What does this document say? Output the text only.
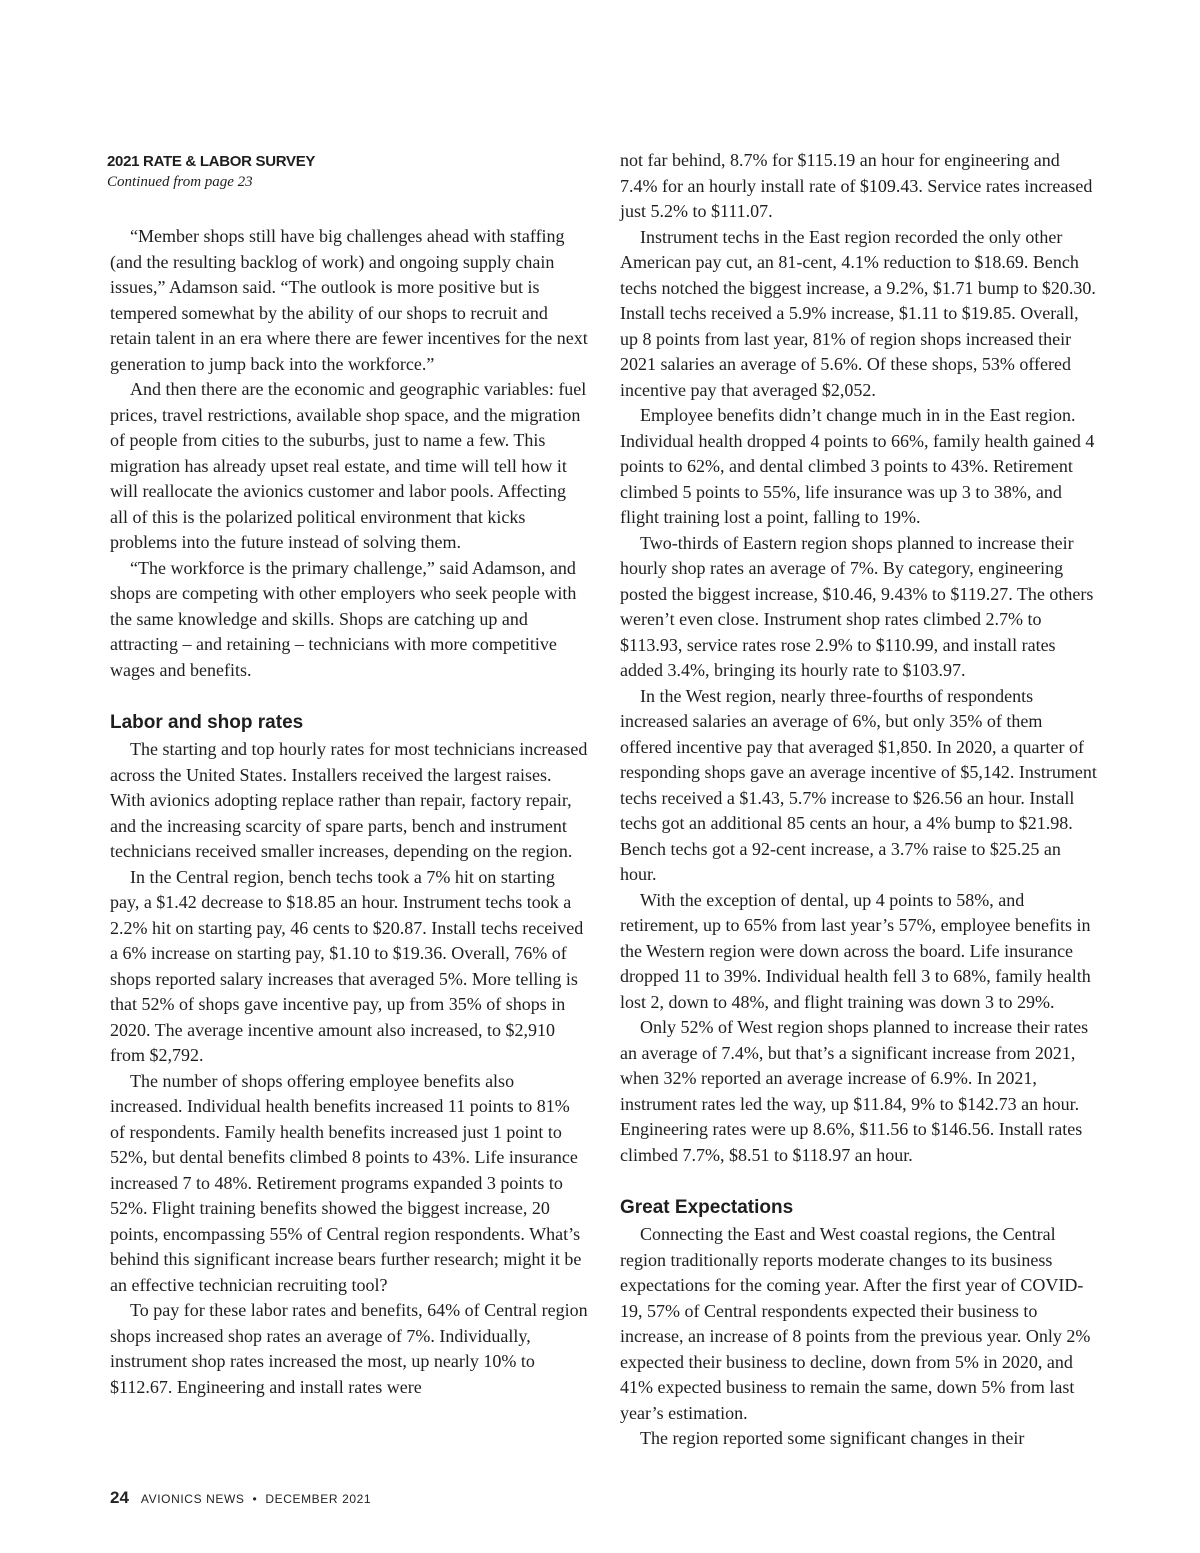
2021 RATE & LABOR SURVEY
Continued from page 23

“Member shops still have big challenges ahead with staffing (and the resulting backlog of work) and ongoing supply chain issues,” Adamson said. “The outlook is more positive but is tempered somewhat by the ability of our shops to recruit and retain talent in an era where there are fewer incentives for the next generation to jump back into the workforce.”

And then there are the economic and geographic variables: fuel prices, travel restrictions, available shop space, and the migration of people from cities to the suburbs, just to name a few. This migration has already upset real estate, and time will tell how it will reallocate the avionics customer and labor pools. Affecting all of this is the polarized political environment that kicks problems into the future instead of solving them.

“The workforce is the primary challenge,” said Adamson, and shops are competing with other employers who seek people with the same knowledge and skills. Shops are catching up and attracting – and retaining – technicians with more competitive wages and benefits.

Labor and shop rates

The starting and top hourly rates for most technicians increased across the United States. Installers received the largest raises. With avionics adopting replace rather than repair, factory repair, and the increasing scarcity of spare parts, bench and instrument technicians received smaller increases, depending on the region.

In the Central region, bench techs took a 7% hit on starting pay, a $1.42 decrease to $18.85 an hour. Instrument techs took a 2.2% hit on starting pay, 46 cents to $20.87. Install techs received a 6% increase on starting pay, $1.10 to $19.36. Overall, 76% of shops reported salary increases that averaged 5%. More telling is that 52% of shops gave incentive pay, up from 35% of shops in 2020. The average incentive amount also increased, to $2,910 from $2,792.

The number of shops offering employee benefits also increased. Individual health benefits increased 11 points to 81% of respondents. Family health benefits increased just 1 point to 52%, but dental benefits climbed 8 points to 43%. Life insurance increased 7 to 48%. Retirement programs expanded 3 points to 52%. Flight training benefits showed the biggest increase, 20 points, encompassing 55% of Central region respondents. What’s behind this significant increase bears further research; might it be an effective technician recruiting tool?

To pay for these labor rates and benefits, 64% of Central region shops increased shop rates an average of 7%. Individually, instrument shop rates increased the most, up nearly 10% to $112.67. Engineering and install rates were

not far behind, 8.7% for $115.19 an hour for engineering and 7.4% for an hourly install rate of $109.43. Service rates increased just 5.2% to $111.07.

Instrument techs in the East region recorded the only other American pay cut, an 81-cent, 4.1% reduction to $18.69. Bench techs notched the biggest increase, a 9.2%, $1.71 bump to $20.30. Install techs received a 5.9% increase, $1.11 to $19.85. Overall, up 8 points from last year, 81% of region shops increased their 2021 salaries an average of 5.6%. Of these shops, 53% offered incentive pay that averaged $2,052.

Employee benefits didn’t change much in in the East region. Individual health dropped 4 points to 66%, family health gained 4 points to 62%, and dental climbed 3 points to 43%. Retirement climbed 5 points to 55%, life insurance was up 3 to 38%, and flight training lost a point, falling to 19%.

Two-thirds of Eastern region shops planned to increase their hourly shop rates an average of 7%. By category, engineering posted the biggest increase, $10.46, 9.43% to $119.27. The others weren’t even close. Instrument shop rates climbed 2.7% to $113.93, service rates rose 2.9% to $110.99, and install rates added 3.4%, bringing its hourly rate to $103.97.

In the West region, nearly three-fourths of respondents increased salaries an average of 6%, but only 35% of them offered incentive pay that averaged $1,850. In 2020, a quarter of responding shops gave an average incentive of $5,142. Instrument techs received a $1.43, 5.7% increase to $26.56 an hour. Install techs got an additional 85 cents an hour, a 4% bump to $21.98. Bench techs got a 92-cent increase, a 3.7% raise to $25.25 an hour.

With the exception of dental, up 4 points to 58%, and retirement, up to 65% from last year’s 57%, employee benefits in the Western region were down across the board. Life insurance dropped 11 to 39%. Individual health fell 3 to 68%, family health lost 2, down to 48%, and flight training was down 3 to 29%.

Only 52% of West region shops planned to increase their rates an average of 7.4%, but that’s a significant increase from 2021, when 32% reported an average increase of 6.9%. In 2021, instrument rates led the way, up $11.84, 9% to $142.73 an hour. Engineering rates were up 8.6%, $11.56 to $146.56. Install rates climbed 7.7%, $8.51 to $118.97 an hour.

Great Expectations

Connecting the East and West coastal regions, the Central region traditionally reports moderate changes to its business expectations for the coming year. After the first year of COVID-19, 57% of Central respondents expected their business to increase, an increase of 8 points from the previous year. Only 2% expected their business to decline, down from 5% in 2020, and 41% expected business to remain the same, down 5% from last year’s estimation.

The region reported some significant changes in their

24 AVIONICS NEWS • DECEMBER 2021
